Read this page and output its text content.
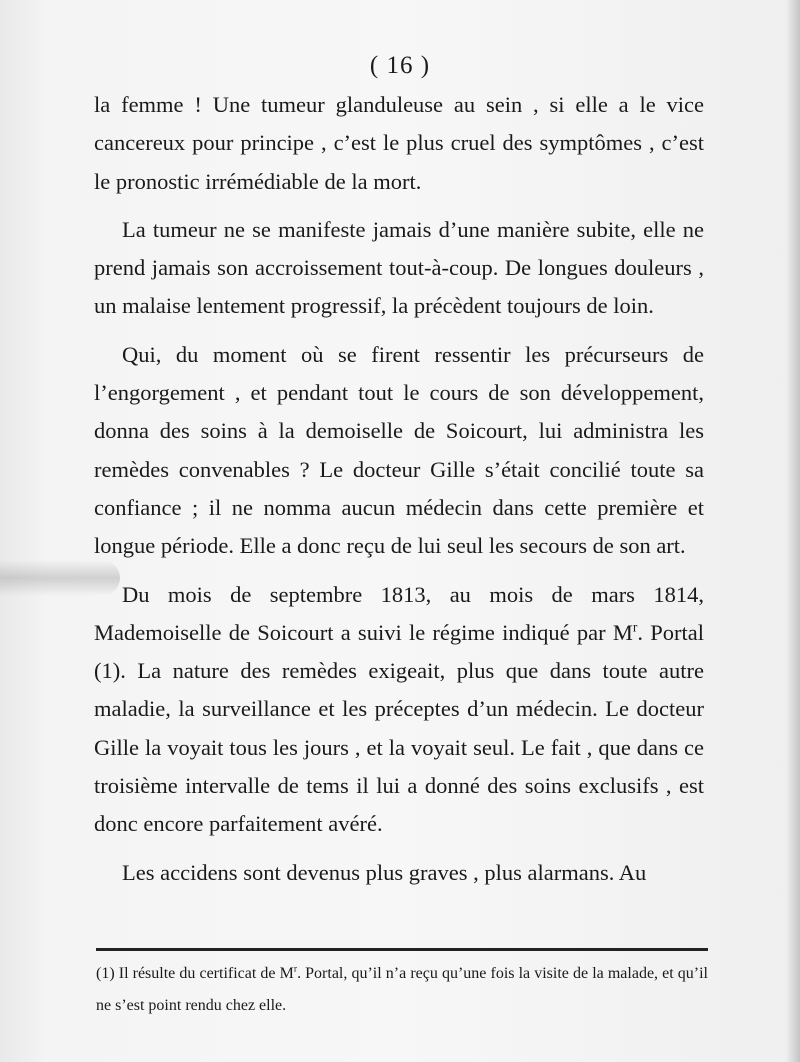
( 16 )

la femme ! Une tumeur glanduleuse au sein , si elle a le vice cancereux pour principe , c’est le plus cruel des symptômes , c’est le pronostic irrémédiable de la mort.

La tumeur ne se manifeste jamais d’une manière subite, elle ne prend jamais son accroissement tout-à-coup. De longues douleurs , un malaise lentement progressif, la précèdent toujours de loin.

Qui, du moment où se firent ressentir les précurseurs de l’engorgement , et pendant tout le cours de son développement, donna des soins à la demoiselle de Soicourt, lui administra les remèdes convenables ? Le docteur Gille s’était concilié toute sa confiance ; il ne nomma aucun médecin dans cette première et longue période. Elle a donc reçu de lui seul les secours de son art.

Du mois de septembre 1813, au mois de mars 1814, Mademoiselle de Soicourt a suivi le régime indiqué par $M^r$. Portal (1). La nature des remèdes exigeait, plus que dans toute autre maladie, la surveillance et les préceptes d’un médecin. Le docteur Gille la voyait tous les jours , et la voyait seul. Le fait , que dans ce troisième intervalle de tems il lui a donné des soins exclusifs , est donc encore parfaitement avéré.

Les accidens sont devenus plus graves , plus alarmans. Au

(1) Il résulte du certificat de $M^r$. Portal, qu’il n’a reçu qu’une fois la visite de la malade, et qu’il ne s’est point rendu chez elle.
